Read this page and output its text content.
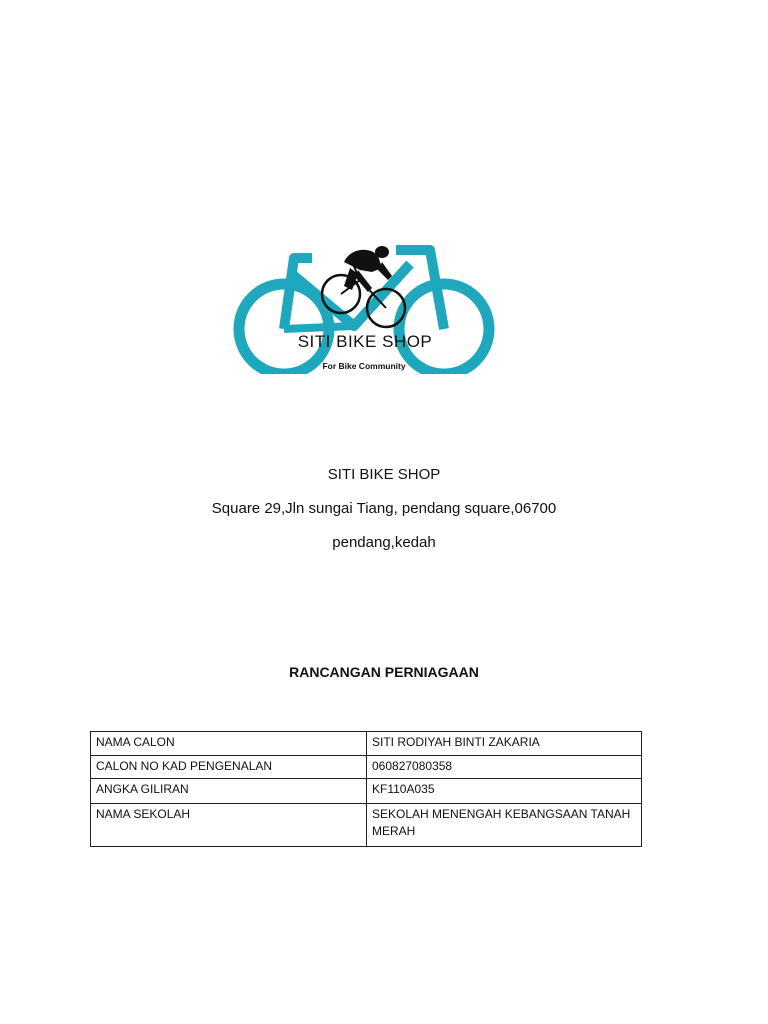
SITI BIKE SHOP
For Bike Community
SITI BIKE SHOP
Square 29,Jln sungai Tiang, pendang square,06700
pendang,kedah
RANCANGAN PERNIAGAAN
NAMA CALON	SITI RODIYAH BINTI ZAKARIA
CALON NO KAD PENGENALAN	060827080358
ANGKA GILIRAN	KF110A035
NAMA SEKOLAH	SEKOLAH MENENGAH KEBANGSAAN TANAH MERAH
